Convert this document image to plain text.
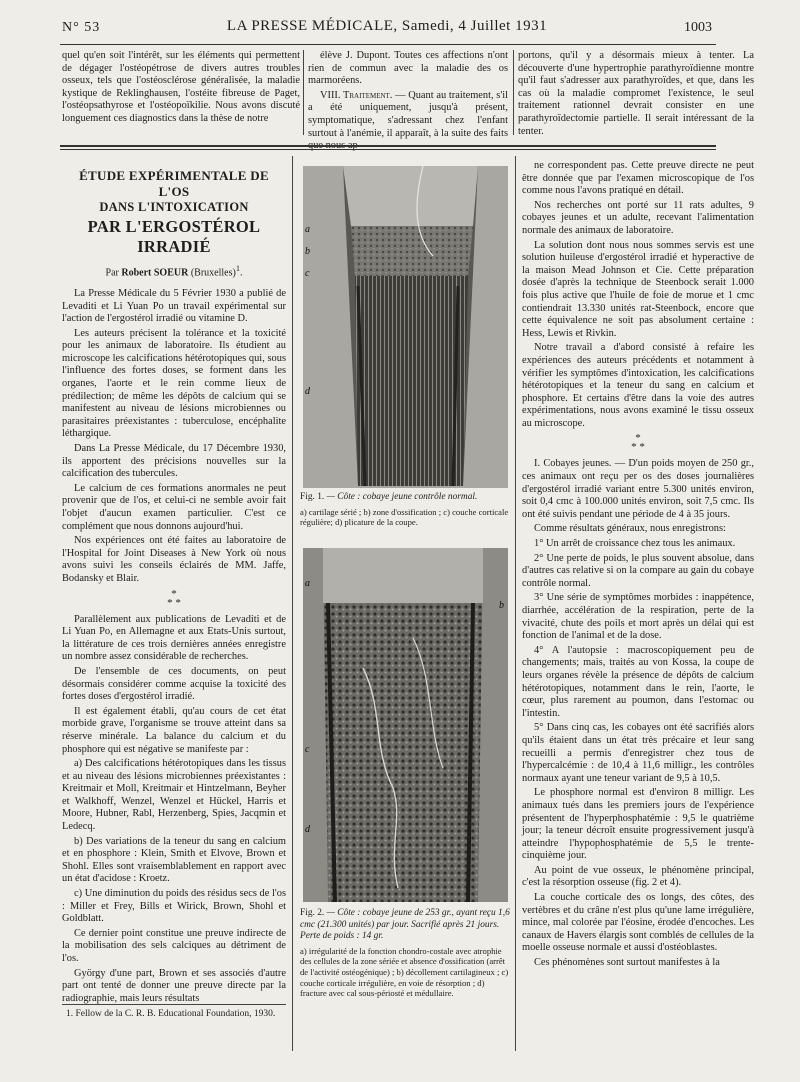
N° 53	LA PRESSE MÉDICALE, Samedi, 4 Juillet 1931	1003

quel qu'en soit l'intérêt, sur les éléments qui permettent de dégager l'ostéopétrose de divers autres troubles osseux, tels que l'ostéosclérose généralisée, la maladie kystique de Reklinghausen, l'ostéite fibreuse de Paget, l'ostéopsathyrose et l'ostéopoïkilie. Nous avons discuté longuement ces diagnostics dans la thèse de notre

élève J. Dupont. Toutes ces affections n'ont rien de commun avec la maladie des os marmoréens.

VIII. Traitement. — Quant au traitement, s'il a été uniquement, jusqu'à présent, symptomatique, s'adressant chez l'enfant surtout à l'anémie, il apparaît, à la suite des faits que nous ap-

portons, qu'il y a désormais mieux à tenter. La découverte d'une hypertrophie parathyroïdienne montre qu'il faut s'adresser aux parathyroïdes, et que, dans les cas où la maladie compromet l'existence, le seul traitement rationnel devrait consister en une parathyroïdectomie partielle. Il serait intéressant de la tenter.

ÉTUDE EXPÉRIMENTALE DE L'OS
DANS L'INTOXICATION
PAR L'ERGOSTÉROL IRRADIÉ
Par Robert SOEUR (Bruxelles)$^1$.

La Presse Médicale du 5 Février 1930 a publié de Levaditi et Li Yuan Po un travail expérimental sur l'action de l'ergostérol irradié ou vitamine D.

Les auteurs précisent la tolérance et la toxicité pour les animaux de laboratoire. Ils étudient au microscope les calcifications hétérotopiques qui, sous l'influence des fortes doses, se forment dans les organes, l'aorte et le rein comme lieux de prédilection; de même les dépôts de calcium qui se manifestent au niveau de lésions microbiennes ou parasitaires préexistantes : tuberculose, encéphalite léthargique.

Dans La Presse Médicale, du 17 Décembre 1930, ils apportent des précisions nouvelles sur la calcification des tubercules.

Le calcium de ces formations anormales ne peut provenir que de l'os, et celui-ci ne semble avoir fait l'objet d'aucun examen particulier. C'est ce complément que nous donnons aujourd'hui.

Nos expériences ont été faites au laboratoire de l'Hospital for Joint Diseases à New York où nous avons suivi les conseils éclairés de MM. Jaffe, Bodansky et Blair.

*
* *

Parallèlement aux publications de Levaditi et de Li Yuan Po, en Allemagne et aux Etats-Unis surtout, la littérature de ces trois dernières années enregistre un nombre assez considérable de recherches.

De l'ensemble de ces documents, on peut désormais considérer comme acquise la toxicité des fortes doses d'ergostérol irradié.

Il est également établi, qu'au cours de cet état morbide grave, l'organisme se trouve atteint dans sa réserve minérale. La balance du calcium et du phosphore qui est négative se manifeste par :

a) Des calcifications hétérotopiques dans les tissus et au niveau des lésions microbiennes préexistantes : Kreitmair et Moll, Kreitmair et Hintzelmann, Beyher et Walkhoff, Wenzel, Wenzel et Hückel, Harris et Moore, Hubner, Rabl, Herzenberg, Spies, Jacqmin et Ledecq.

b) Des variations de la teneur du sang en calcium et en phosphore : Klein, Smith et Elvove, Brown et Shohl. Elles sont vraisemblablement en rapport avec un état d'acidose : Kroetz.

c) Une diminution du poids des résidus secs de l'os : Miller et Frey, Bills et Wirick, Brown, Shohl et Goldblatt.

Ce dernier point constitue une preuve indirecte de la mobilisation des sels calciques au détriment de l'os.

György d'une part, Brown et ses associés d'autre part ont tenté de donner une preuve directe par la radiographie, mais leurs résultats

1. Fellow de la C. R. B. Educational Foundation, 1930.
a
b
c
d
Fig. 1. — Côte : cobaye jeune contrôle normal.
a) cartilage sérié ; b) zone d'ossification ; c) couche corticale régulière; d) plicature de la coupe.
a
b
c
d
Fig. 2. — Côte : cobaye jeune de 253 gr., ayant reçu 1,6 cmc (21.300 unités) par jour. Sacrifié après 21 jours. Perte de poids : 14 gr.
a) irrégularité de la fonction chondro-costale avec atrophie des cellules de la zone sériée et absence d'ossification (arrêt de l'activité ostéogénique) ; b) décollement cartilagineux ; c) couche corticale irrégulière, en voie de résorption ; d) fracture avec cal sous-périosté et médullaire.

ne correspondent pas. Cette preuve directe ne peut être donnée que par l'examen microscopique de l'os comme nous l'avons pratiqué en détail.

Nos recherches ont porté sur 11 rats adultes, 9 cobayes jeunes et un adulte, recevant l'alimentation normale des animaux de laboratoire.

La solution dont nous nous sommes servis est une solution huileuse d'ergostérol irradié et hyperactive de la maison Mead Johnson et Cie. Cette préparation dosée d'après la technique de Steenbock serait 1.000 fois plus active que l'huile de foie de morue et 1 cmc contiendrait 13.330 unités rat-Steenbock, encore que cette équivalence ne soit pas absolument certaine : Hess, Lewis et Rivkin.

Notre travail a d'abord consisté à refaire les expériences des auteurs précédents et notamment à vérifier les symptômes d'intoxication, les calcifications hétérotopiques et la teneur du sang en calcium et phosphore. Et certains d'être dans la voie des autres expérimentations, nous avons examiné le tissu osseux au microscope.

*
* *

I. Cobayes jeunes. — D'un poids moyen de 250 gr., ces animaux ont reçu per os des doses journalières d'ergostérol irradié variant entre 5.300 unités environ, soit 0,4 cmc à 100.000 unités environ, soit 7,5 cmc. Ils ont été suivis pendant une période de 4 à 35 jours.

Comme résultats généraux, nous enregistrons:

1° Un arrêt de croissance chez tous les animaux.

2° Une perte de poids, le plus souvent absolue, dans d'autres cas relative si on la compare au gain du cobaye contrôle normal.

3° Une série de symptômes morbides : inappétence, diarrhée, accélération de la respiration, perte de la vivacité, chute des poils et mort après un délai qui est fonction de l'animal et de la dose.

4° A l'autopsie : macroscopiquement peu de changements; mais, traités au von Kossa, la coupe de leurs organes révèle la présence de dépôts de calcium hétérotopiques, notamment dans le rein, l'aorte, le cœur, plus rarement au poumon, dans l'estomac ou l'intestin.

5° Dans cinq cas, les cobayes ont été sacrifiés alors qu'ils étaient dans un état très précaire et leur sang recueilli a permis d'enregistrer chez tous de l'hypercalcémie : de 10,4 à 11,6 milligr., les contrôles normaux ayant une teneur variant de 9,5 à 10,5.

Le phosphore normal est d'environ 8 milligr. Les animaux tués dans les premiers jours de l'expérience présentent de l'hyperphosphatémie : 9,5 le quatrième jour; la teneur décroît ensuite progressivement jusqu'à atteindre l'hypophosphatémie de 5,5 le trente-cinquième jour.

Au point de vue osseux, le phénomène principal, c'est la résorption osseuse (fig. 2 et 4).

La couche corticale des os longs, des côtes, des vertèbres et du crâne n'est plus qu'une lame irrégulière, mince, mal colorée par l'éosine, érodée d'encoches. Les canaux de Havers élargis sont comblés de cellules de la moelle osseuse normale et aussi d'ostéoblastes.

Ces phénomènes sont surtout manifestes à la
